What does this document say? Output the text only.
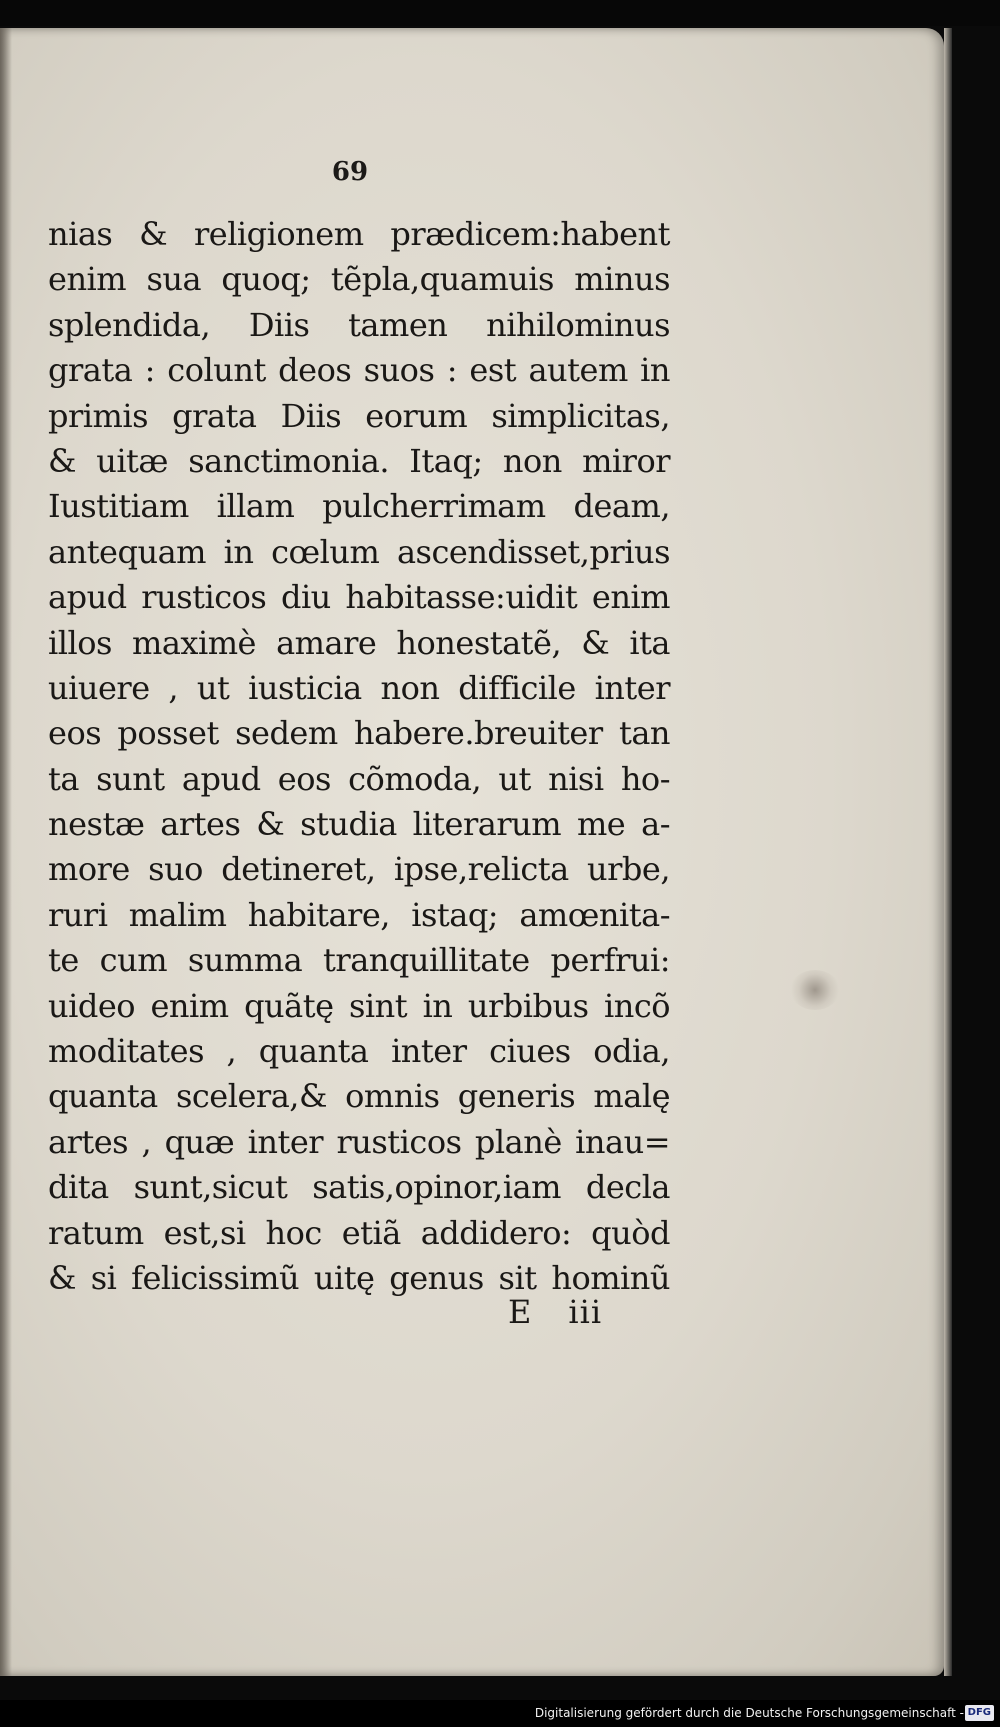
69
nias & religionem prædicem:habent
enim sua quoq; tẽpla,quamuis minus
splendida, Diis tamen nihilominus
grata : colunt deos suos : est autem in
primis grata Diis eorum simplicitas,
& uitæ sanctimonia. Itaq; non miror
Iustitiam illam pulcherrimam deam,
antequam in cœlum ascendisset,prius
apud rusticos diu habitasse:uidit enim
illos maximè amare honestatẽ, & ita
uiuere , ut iusticia non difficile inter
eos posset sedem habere.breuiter tan
ta sunt apud eos cõmoda, ut nisi ho-
nestæ artes & studia literarum me a-
more suo detineret, ipse,relicta urbe,
ruri malim habitare, istaq; amœnita-
te cum summa tranquillitate perfrui:
uideo enim quãtę sint in urbibus incõ
moditates , quanta inter ciues odia,
quanta scelera,& omnis generis malę
artes , quæ inter rusticos planè inau=
dita sunt,sicut satis,opinor,iam decla
ratum est,si hoc etiã addidero: quòd
& si felicissimũ uitę genus sit hominũ
E iii
Digitalisierung gefördert durch die Deutsche Forschungsgemeinschaft - DFG
